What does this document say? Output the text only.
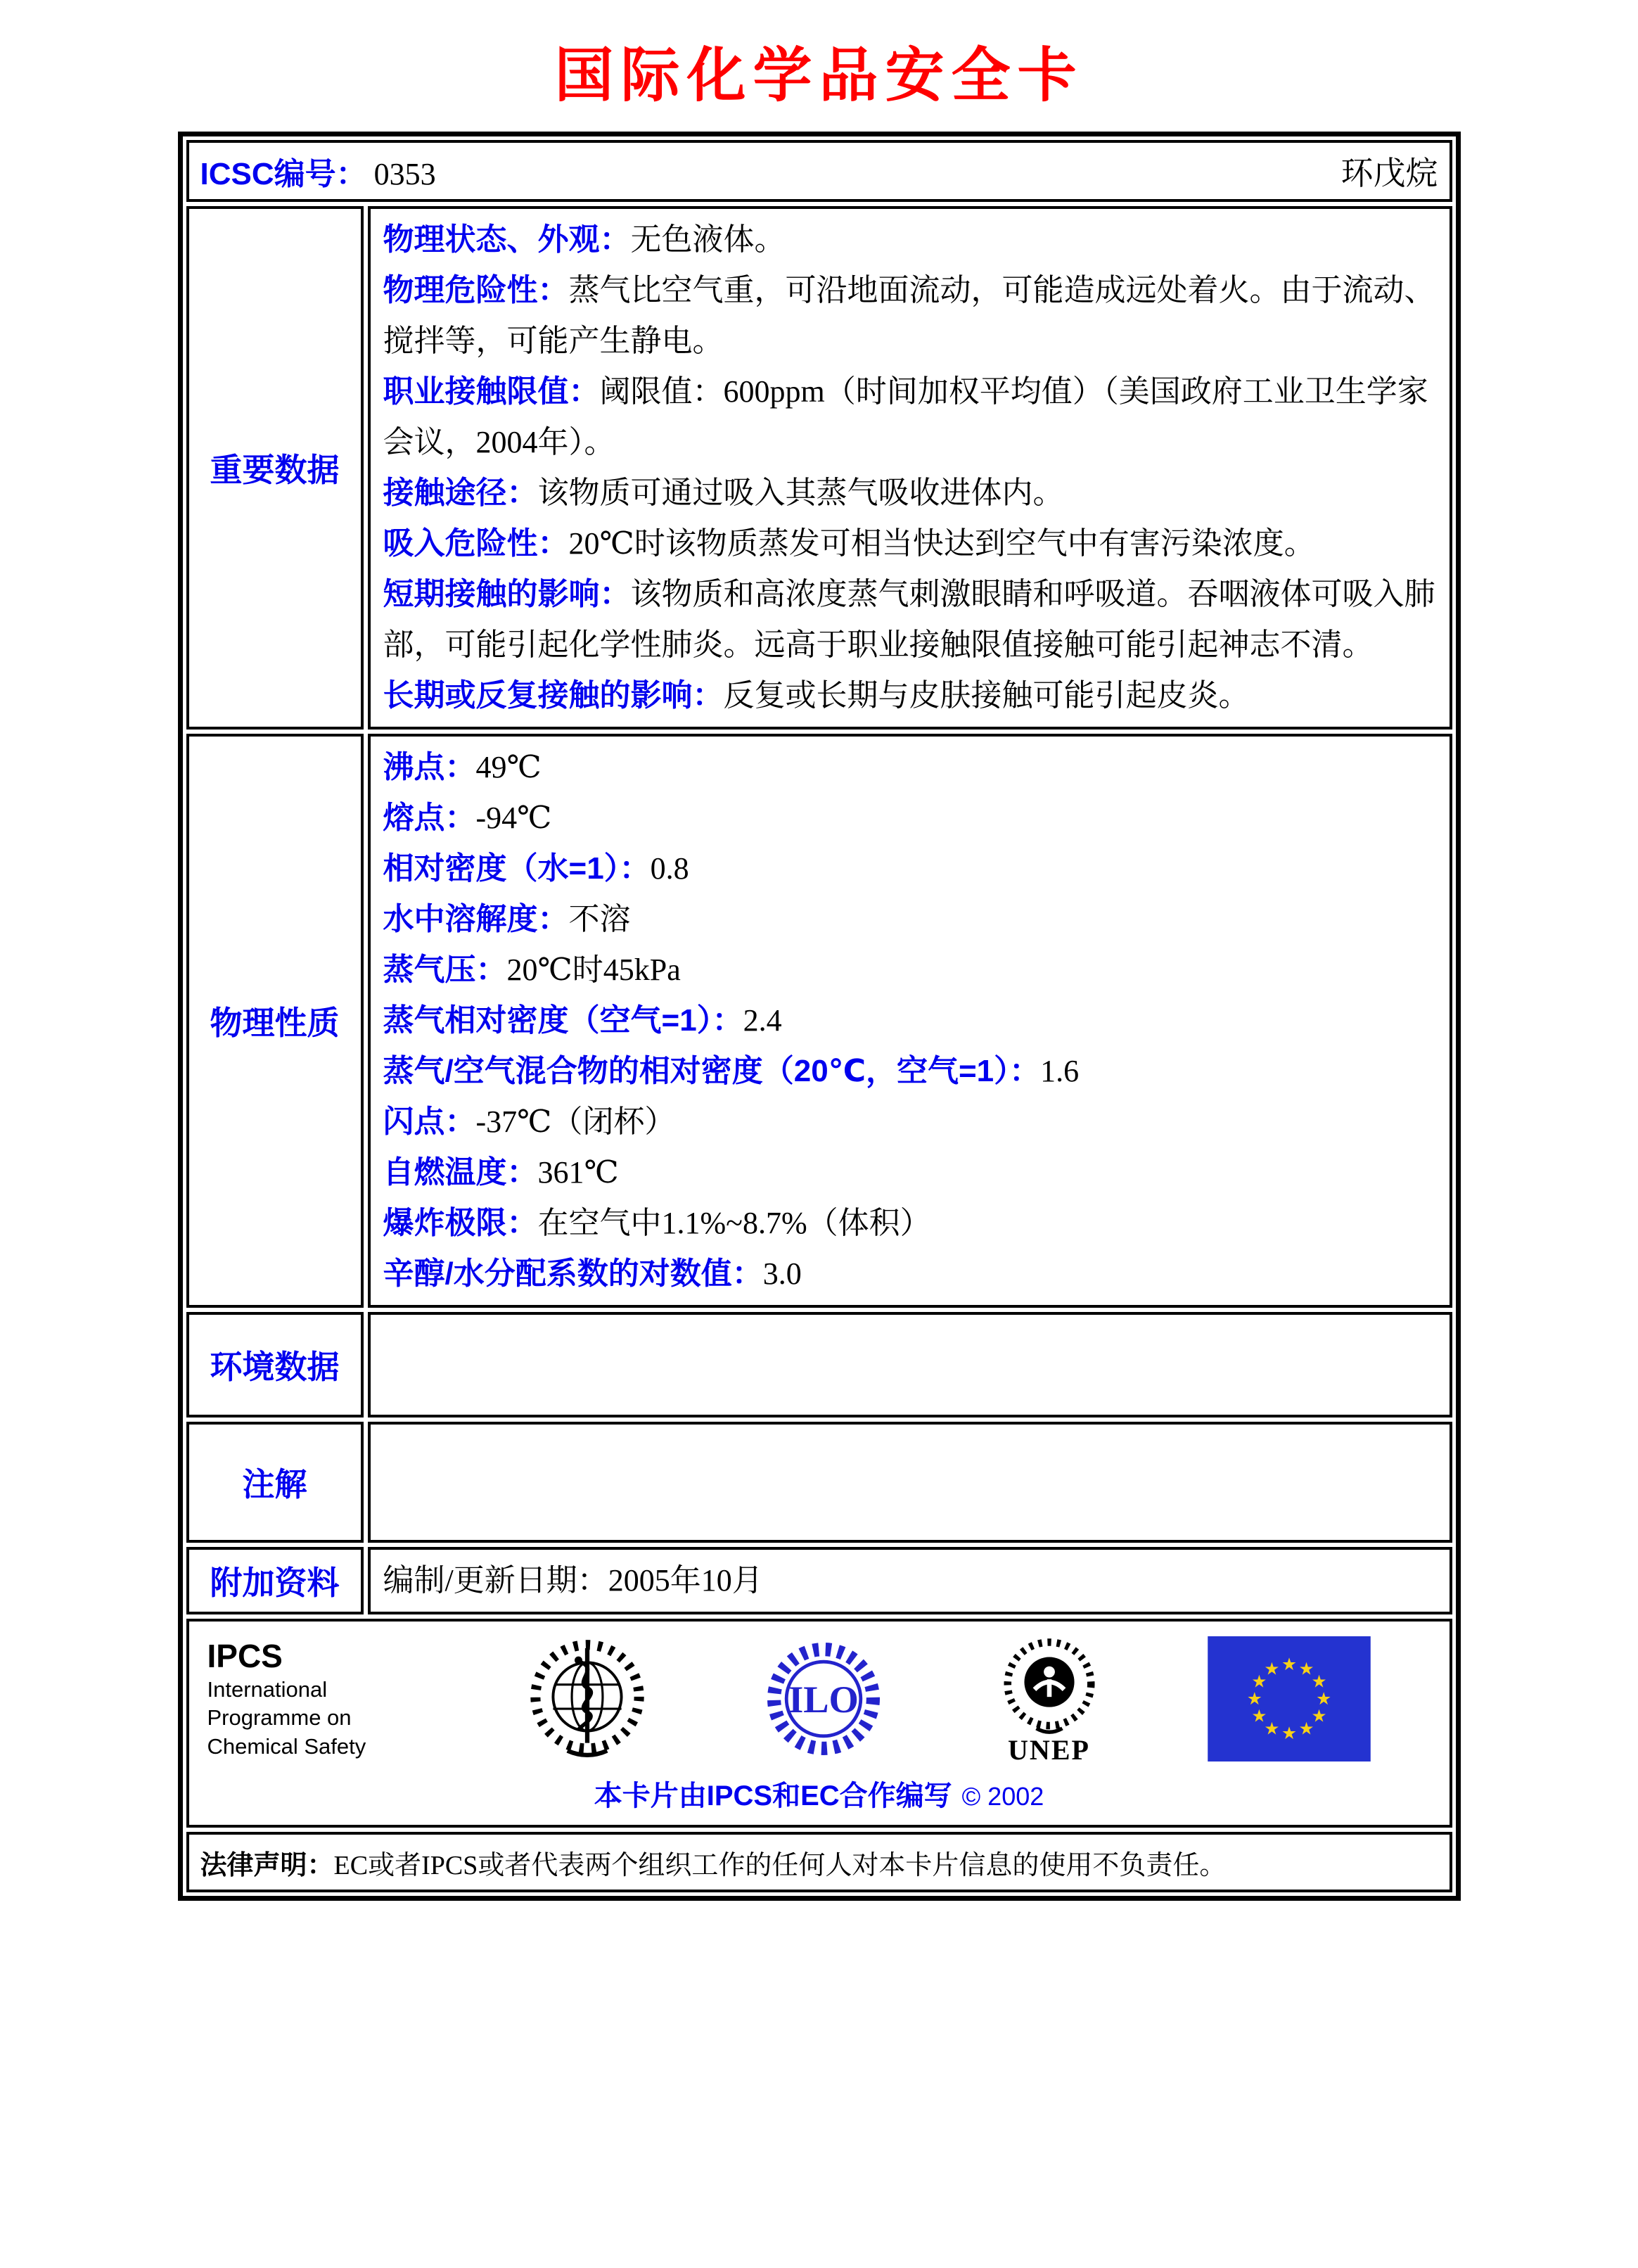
国际化学品安全卡
ICSC编号： 0353	环戊烷
重要数据

物理状态、外观：无色液体。

物理危险性：蒸气比空气重，可沿地面流动，可能造成远处着火。由于流动、搅拌等，可能产生静电。

职业接触限值：阈限值：600ppm（时间加权平均值）（美国政府工业卫生学家会议，2004年）。

接触途径：该物质可通过吸入其蒸气吸收进体内。

吸入危险性：20℃时该物质蒸发可相当快达到空气中有害污染浓度。

短期接触的影响：该物质和高浓度蒸气刺激眼睛和呼吸道。吞咽液体可吸入肺部，可能引起化学性肺炎。远高于职业接触限值接触可能引起神志不清。

长期或反复接触的影响：反复或长期与皮肤接触可能引起皮炎。

物理性质

沸点：49℃

熔点：-94℃

相对密度（水=1）：0.8

水中溶解度：不溶

蒸气压：20℃时45kPa

蒸气相对密度（空气=1）：2.4

蒸气/空气混合物的相对密度（20℃，空气=1）：1.6

闪点：-37℃（闭杯）

自燃温度：361℃

爆炸极限：在空气中1.1%~8.7%（体积）

辛醇/水分配系数的对数值：3.0

环境数据
注解
附加资料	编制/更新日期：2005年10月
IPCS
International
Programme on
Chemical Safety
ILO
UNEP
★ ★
★
★
★
★
★
★
★
★
★
★
本卡片由IPCS和EC合作编写 © 2002
法律声明： EC或者IPCS或者代表两个组织工作的任何人对本卡片信息的使用不负责任。
